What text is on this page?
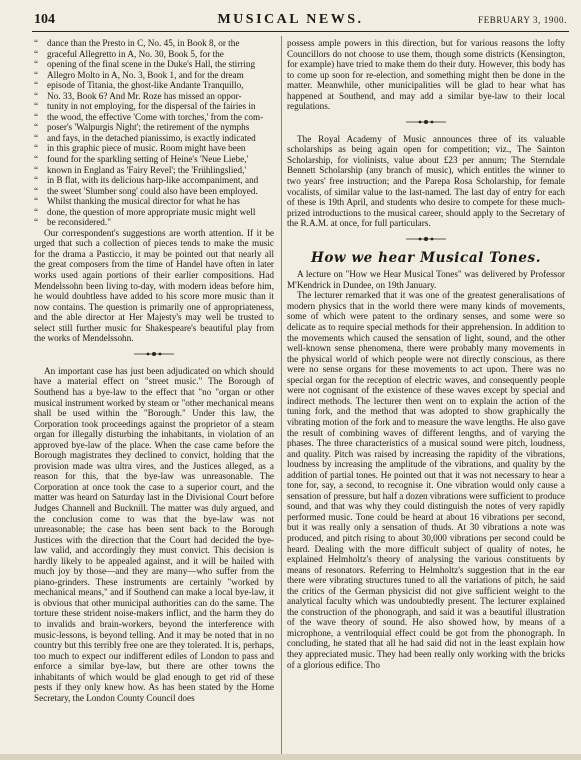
104	MUSICAL NEWS.	FEBRUARY 3, 1900.
“ dance than the Presto in C, No. 45, in Book 8, or the
“ graceful Allegretto in A, No. 30, Book 5, for the
“ opening of the final scene in the Duke's Hall, the stirring
“ Allegro Molto in A, No. 3, Book 1, and for the dream
“ episode of Titania, the ghost-like Andante Tranquillo,
“ No. 33, Book 6? And Mr. Roze has missed an oppor-
“ tunity in not employing, for the dispersal of the fairies in
“ the wood, the effective 'Come with torches,' from the com-
“ poser's 'Walpurgis Night'; the retirement of the nymphs
“ and fays, in the detached pianissimo, is exactly indicated
“ in this graphic piece of music. Room might have been
“ found for the sparkling setting of Heine's 'Neue Liebe,'
“ known in England as 'Fairy Revel'; the 'Frühlingslied,'
“ in B flat, with its delicious harp-like accompaniment, and
“ the sweet 'Slumber song' could also have been employed.
“ Whilst thanking the musical director for what he has
“ done, the question of more appropriate music might well
“ be reconsidered."

Our correspondent's suggestions are worth attention. If it be urged that such a collection of pieces tends to make the music for the drama a Pasticcio, it may be pointed out that nearly all the great composers from the time of Handel have often in later works used again portions of their earlier compositions. Had Mendelssohn been living to-day, with modern ideas before him, he would doubtless have added to his score more music than it now contains. The question is primarily one of appropriateness, and the able director at Her Majesty's may well be trusted to select still further music for Shakespeare's beautiful play from the works of Mendelssohn.

An important case has just been adjudicated on which should have a material effect on "street music." The Borough of Southend has a bye-law to the effect that "no "organ or other musical instrument worked by steam or "other mechanical means shall be used within the "Borough." Under this law, the Corporation took proceedings against the proprietor of a steam organ for illegally disturbing the inhabitants, in violation of an approved bye-law of the place. When the case came before the Borough magistrates they declined to convict, holding that the provision made was ultra vires, and the Justices alleged, as a reason for this, that the bye-law was unreasonable. The Corporation at once took the case to a superior court, and the matter was heard on Saturday last in the Divisional Court before Judges Channell and Bucknill. The matter was duly argued, and the conclusion come to was that the bye-law was not unreasonable; the case has been sent back to the Borough Justices with the direction that the Court had decided the bye-law valid, and accordingly they must convict. This decision is hardly likely to be appealed against, and it will be hailed with much joy by those—and they are many—who suffer from the piano-grinders. These instruments are certainly "worked by mechanical means," and if Southend can make a local bye-law, it is obvious that other municipal authorities can do the same. The torture these strident noise-makers inflict, and the harm they do to invalids and brain-workers, beyond the interference with music-lessons, is beyond telling. And it may be noted that in no country but this terribly free one are they tolerated. It is, perhaps, too much to expect our indifferent ediles of London to pass and enforce a similar bye-law, but there are other towns the inhabitants of which would be glad enough to get rid of these pests if they only knew how. As has been stated by the Home Secretary, the London County Council does

possess ample powers in this direction, but for various reasons the lofty Councillors do not choose to use them, though some districts (Kensington, for example) have tried to make them do their duty. However, this body has to come up soon for re-election, and something might then be done in the matter. Meanwhile, other municipalities will be glad to hear what has happened at Southend, and may add a similar bye-law to their local regulations.

The Royal Academy of Music announces three of its valuable scholarships as being again open for competition; viz., The Sainton Scholarship, for violinists, value about £23 per annum; The Sterndale Bennett Scholarship (any branch of music), which entitles the winner to two years' free instruction; and the Parepa Rosa Scholarship, for female vocalists, of similar value to the last-named. The last day of entry for each of these is 19th April, and students who desire to compete for these much-prized introductions to the musical career, should apply to the Secretary of the R.A.M. at once, for full particulars.

How we hear Musical Tones.

A lecture on "How we Hear Musical Tones" was delivered by Professor M'Kendrick in Dundee, on 19th January.

The lecturer remarked that it was one of the greatest generalisations of modern physics that in the world there were many kinds of movements, some of which were patent to the ordinary senses, and some were so delicate as to require special methods for their apprehension. In addition to the movements which caused the sensation of light, sound, and the other well-known sense phenomena, there were probably many movements in the physical world of which people were not directly conscious, as there were no sense organs for these movements to act upon. There was no special organ for the reception of electric waves, and consequently people were not cognisant of the existence of these waves except by special and indirect methods. The lecturer then went on to explain the action of the tuning fork, and the method that was adopted to show graphically the vibrating motion of the fork and to measure the wave lengths. He also gave the result of combining waves of different lengths, and of varying the phases. The three characteristics of a musical sound were pitch, loudness, and quality. Pitch was raised by increasing the rapidity of the vibrations, loudness by increasing the amplitude of the vibrations, and quality by the addition of partial tones. He pointed out that it was not necessary to hear a tone for, say, a second, to recognise it. One vibration would only cause a sensation of pressure, but half a dozen vibrations were sufficient to produce sound, and that was why they could distinguish the notes of very rapidly performed music. Tone could be heard at about 16 vibrations per second, but it was really only a sensation of thuds. At 30 vibrations a note was produced, and pitch rising to about 30,000 vibrations per second could be heard. Dealing with the more difficult subject of quality of notes, he explained Helmholtz's theory of analysing the various constituents by means of resonators. Referring to Helmholtz's suggestion that in the ear there were vibrating structures tuned to all the variations of pitch, he said the critics of the German physicist did not give sufficient weight to the analytical faculty which was undoubtedly present. The lecturer explained the construction of the phonograph, and said it was a beautiful illustration of the wave theory of sound. He also showed how, by means of a microphone, a ventriloquial effect could be got from the phonograph. In concluding, he stated that all he had said did not in the least explain how they appreciated music. They had been really only working with the bricks of a glorious edifice. Tho
